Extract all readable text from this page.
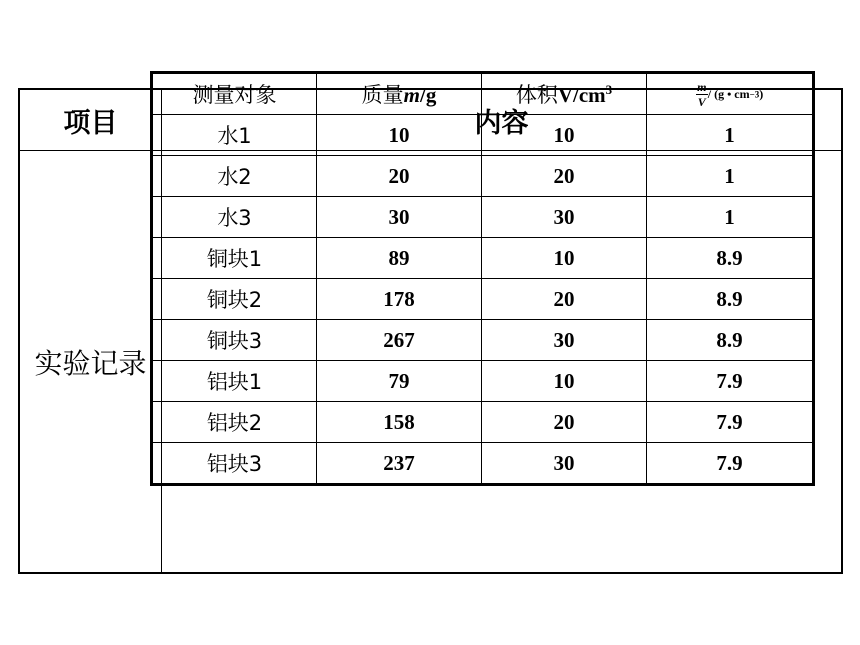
项目	内容
实验记录
测量对象	质量m/g	体积$V/cm^3$	$\frac{m}{V} / (g$ • cm−3)
水1	10	10	1
水2	20	20	1
水3	30	30	1
铜块1	89	10	8.9
铜块2	178	20	8.9
铜块3	267	30	8.9
铝块1	79	10	7.9
铝块2	158	20	7.9
铝块3	237	30	7.9
